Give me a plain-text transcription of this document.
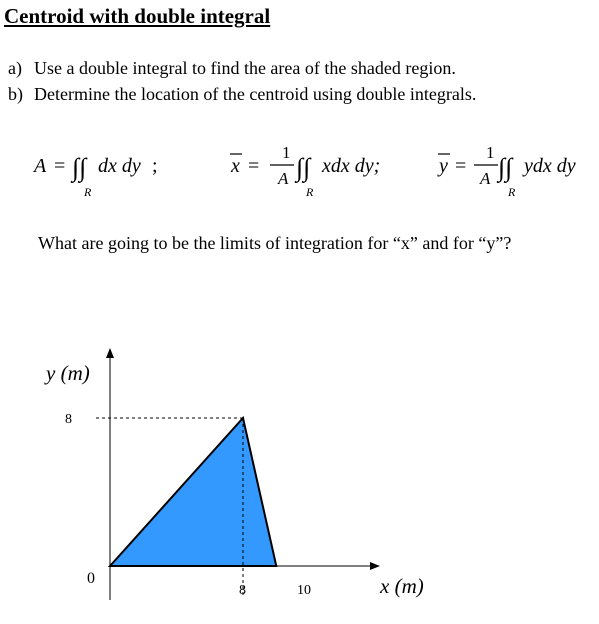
Centroid with double integral
a) Use a double integral to find the area of the shaded region.
b) Determine the location of the centroid using double integrals.
A = ∫∫ dx dy ;
R
x =
1
A ∫∫ xdx dy;
R
y =
1
A ∫∫ ydx dy
R
What are going to be the limits of integration for “x” and for “y”?
y (m)
8
0
8	10	x (m)
